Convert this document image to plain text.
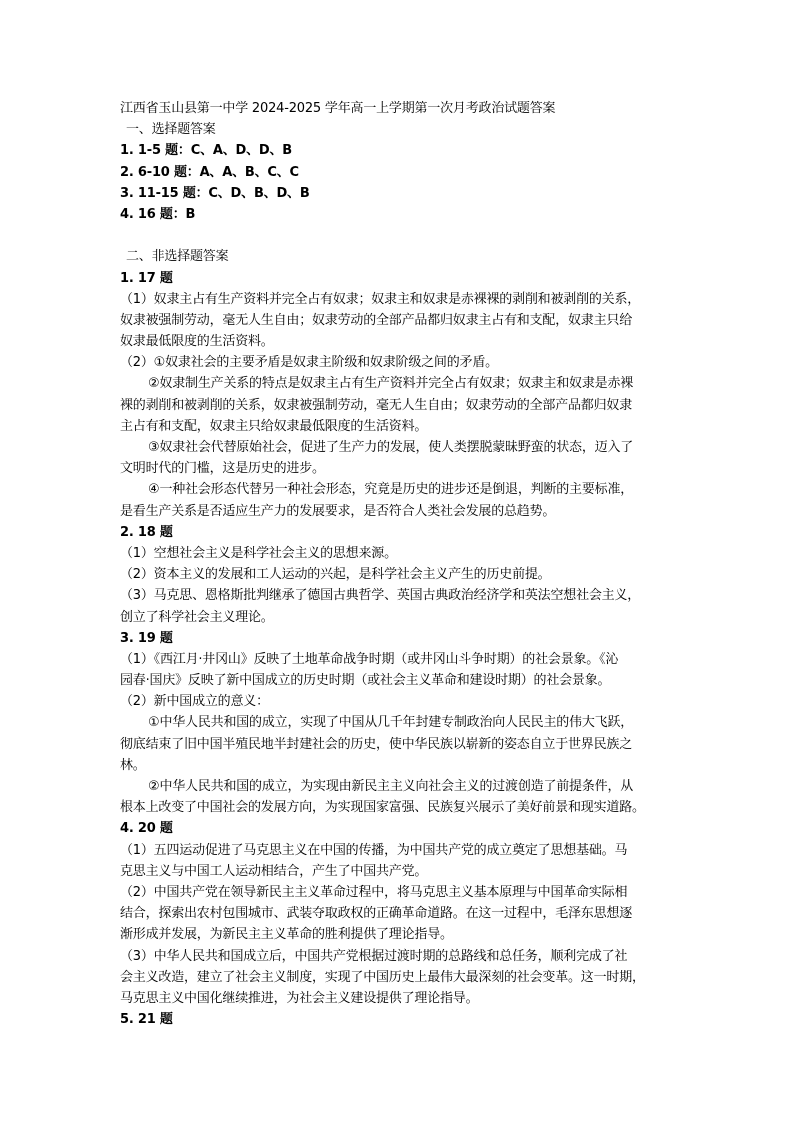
江西省玉山县第一中学 2024-2025 学年高一上学期第一次月考政治试题答案
一、选择题答案
1. 1-5 题：C、A、D、D、B
2. 6-10 题：A、A、B、C、C
3. 11-15 题：C、D、B、D、B
4. 16 题：B
二、非选择题答案
1. 17 题
（1）奴隶主占有生产资料并完全占有奴隶；奴隶主和奴隶是赤裸裸的剥削和被剥削的关系，
奴隶被强制劳动，毫无人生自由；奴隶劳动的全部产品都归奴隶主占有和支配，奴隶主只给
奴隶最低限度的生活资料。
（2）①奴隶社会的主要矛盾是奴隶主阶级和奴隶阶级之间的矛盾。
②奴隶制生产关系的特点是奴隶主占有生产资料并完全占有奴隶；奴隶主和奴隶是赤裸
裸的剥削和被剥削的关系，奴隶被强制劳动，毫无人生自由；奴隶劳动的全部产品都归奴隶
主占有和支配，奴隶主只给奴隶最低限度的生活资料。
③奴隶社会代替原始社会，促进了生产力的发展，使人类摆脱蒙昧野蛮的状态，迈入了
文明时代的门槛，这是历史的进步。
④一种社会形态代替另一种社会形态，究竟是历史的进步还是倒退，判断的主要标准，
是看生产关系是否适应生产力的发展要求，是否符合人类社会发展的总趋势。
2. 18 题
（1）空想社会主义是科学社会主义的思想来源。
（2）资本主义的发展和工人运动的兴起，是科学社会主义产生的历史前提。
（3）马克思、恩格斯批判继承了德国古典哲学、英国古典政治经济学和英法空想社会主义，
创立了科学社会主义理论。
3. 19 题
（1）《西江月·井冈山》反映了土地革命战争时期（或井冈山斗争时期）的社会景象。《沁
园春·国庆》反映了新中国成立的历史时期（或社会主义革命和建设时期）的社会景象。
（2）新中国成立的意义：
①中华人民共和国的成立，实现了中国从几千年封建专制政治向人民民主的伟大飞跃，
彻底结束了旧中国半殖民地半封建社会的历史，使中华民族以崭新的姿态自立于世界民族之
林。
②中华人民共和国的成立，为实现由新民主主义向社会主义的过渡创造了前提条件，从
根本上改变了中国社会的发展方向，为实现国家富强、民族复兴展示了美好前景和现实道路。
4. 20 题
（1）五四运动促进了马克思主义在中国的传播，为中国共产党的成立奠定了思想基础。马
克思主义与中国工人运动相结合，产生了中国共产党。
（2）中国共产党在领导新民主主义革命过程中，将马克思主义基本原理与中国革命实际相
结合，探索出农村包围城市、武装夺取政权的正确革命道路。在这一过程中，毛泽东思想逐
渐形成并发展，为新民主主义革命的胜利提供了理论指导。
（3）中华人民共和国成立后，中国共产党根据过渡时期的总路线和总任务，顺利完成了社
会主义改造，建立了社会主义制度，实现了中国历史上最伟大最深刻的社会变革。这一时期，
马克思主义中国化继续推进，为社会主义建设提供了理论指导。
5. 21 题
